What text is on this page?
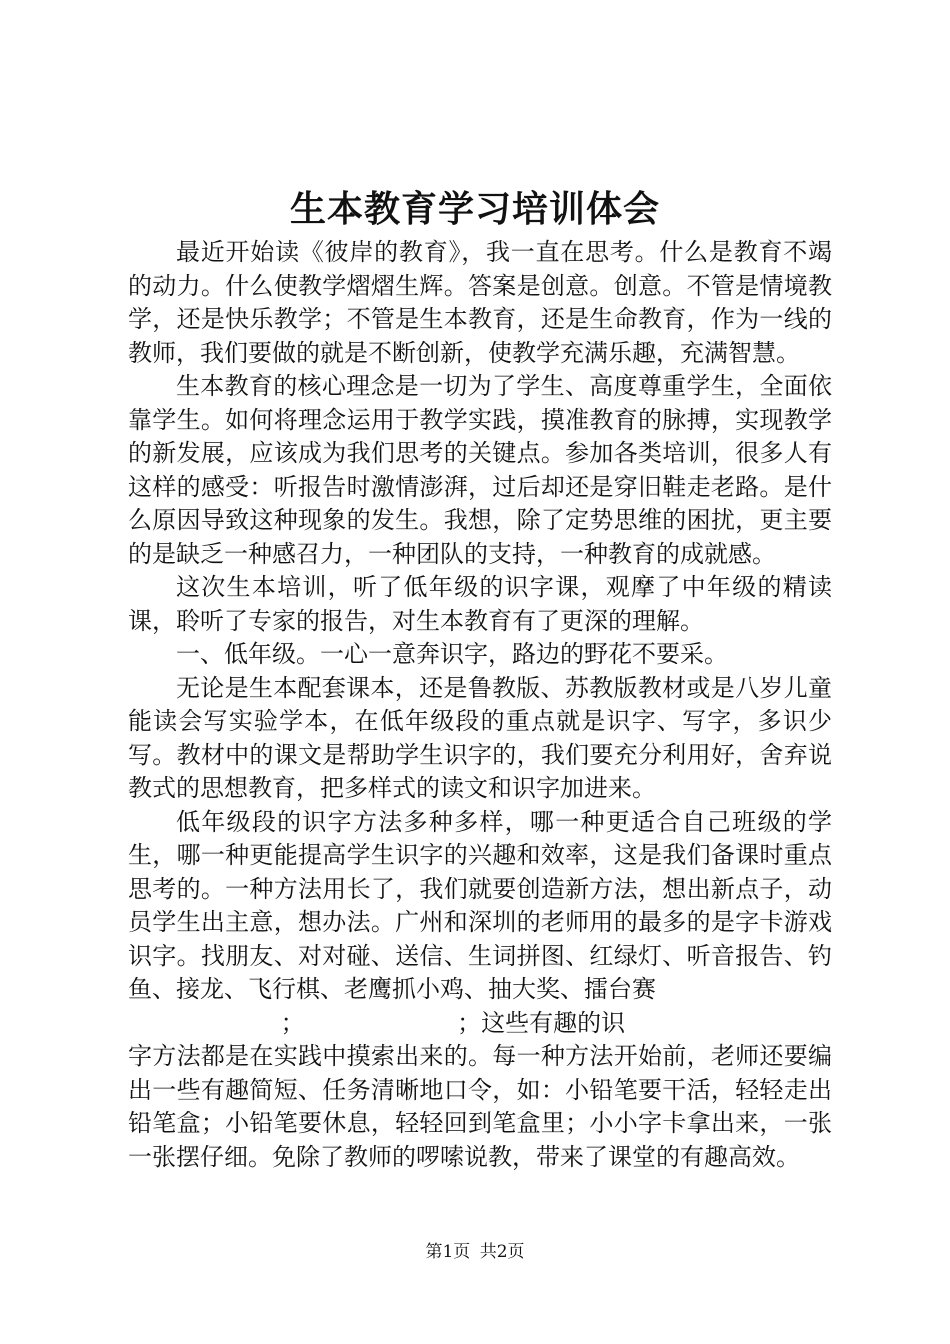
生本教育学习培训体会

最近开始读《彼岸的教育》，我一直在思考。什么是教育不竭的动力。什么使教学熠熠生辉。答案是创意。创意。不管是情境教学，还是快乐教学；不管是生本教育，还是生命教育，作为一线的教师，我们要做的就是不断创新，使教学充满乐趣，充满智慧。

生本教育的核心理念是一切为了学生、高度尊重学生，全面依靠学生。如何将理念运用于教学实践，摸准教育的脉搏，实现教学的新发展，应该成为我们思考的关键点。参加各类培训，很多人有这样的感受：听报告时激情澎湃，过后却还是穿旧鞋走老路。是什么原因导致这种现象的发生。我想，除了定势思维的困扰，更主要的是缺乏一种感召力，一种团队的支持，一种教育的成就感。

这次生本培训，听了低年级的识字课，观摩了中年级的精读课，聆听了专家的报告，对生本教育有了更深的理解。

一、低年级。一心一意奔识字，路边的野花不要采。

无论是生本配套课本，还是鲁教版、苏教版教材或是八岁儿童能读会写实验学本，在低年级段的重点就是识字、写字，多识少写。教材中的课文是帮助学生识字的，我们要充分利用好，舍弃说教式的思想教育，把多样式的读文和识字加进来。

低年级段的识字方法多种多样，哪一种更适合自己班级的学生，哪一种更能提高学生识字的兴趣和效率，这是我们备课时重点思考的。一种方法用长了，我们就要创造新方法，想出新点子，动员学生出主意，想办法。广州和深圳的老师用的最多的是字卡游戏识字。找朋友、对对碰、送信、生词拼图、红绿灯、听音报告、钓鱼、接龙、飞行棋、老鹰抓小鸡、抽大奖、擂台赛

；                    ；这些有趣的识

字方法都是在实践中摸索出来的。每一种方法开始前，老师还要编出一些有趣简短、任务清晰地口令，如：小铅笔要干活，轻轻走出铅笔盒；小铅笔要休息，轻轻回到笔盒里；小小字卡拿出来，一张一张摆仔细。免除了教师的啰嗦说教，带来了课堂的有趣高效。

第1页 共2页
